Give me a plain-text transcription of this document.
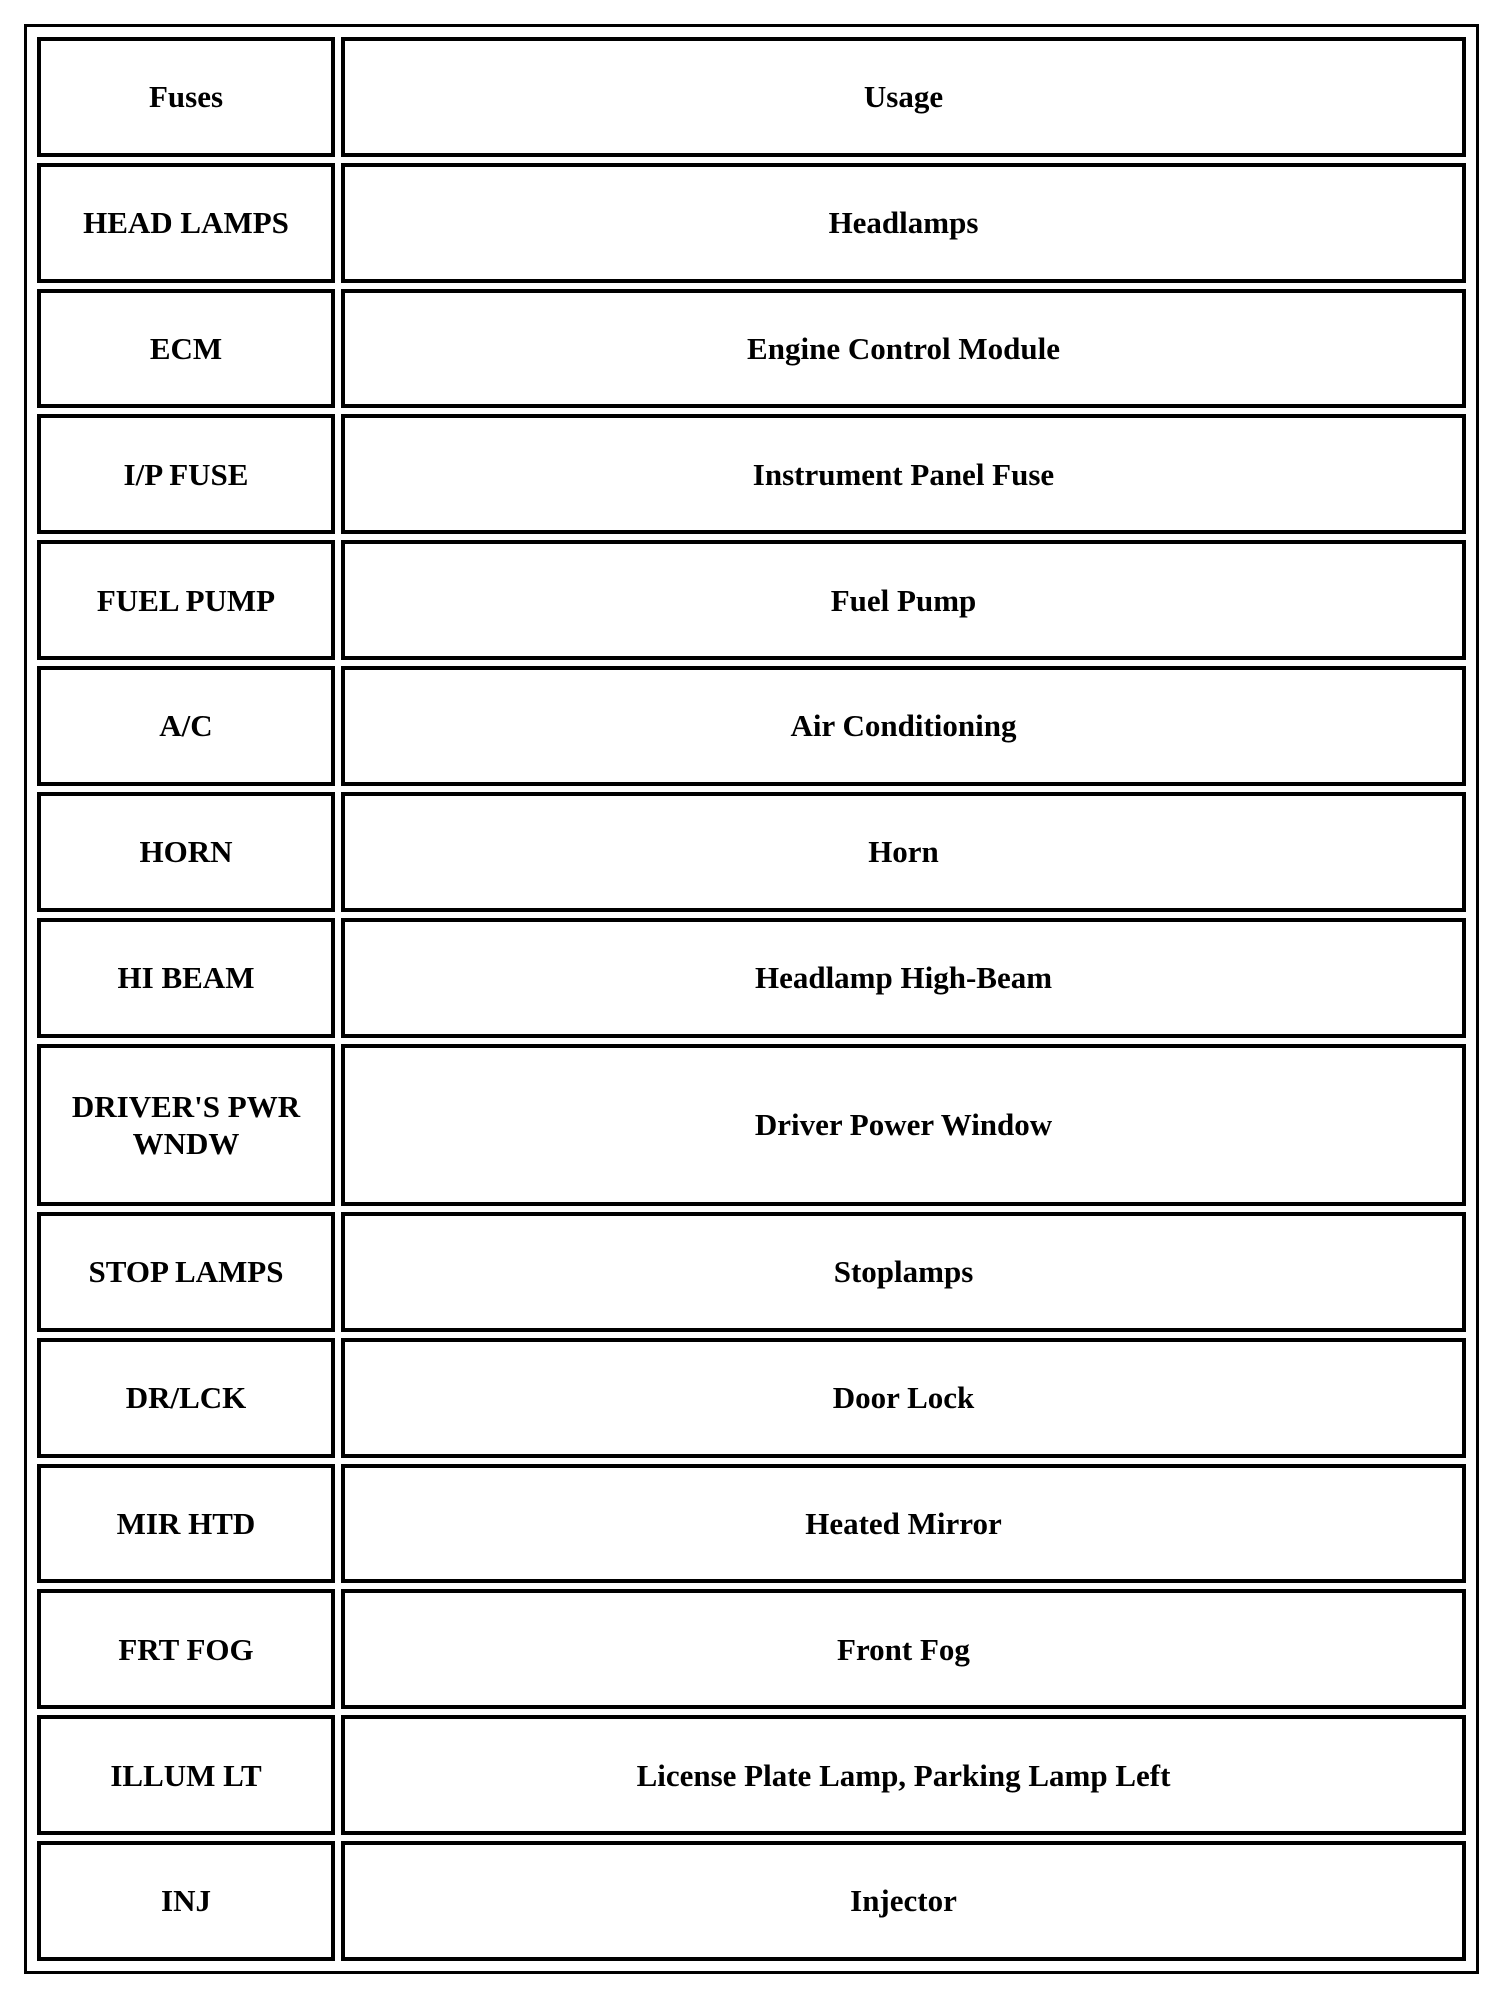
Fuses	Usage
HEAD LAMPS	Headlamps
ECM	Engine Control Module
I/P FUSE	Instrument Panel Fuse
FUEL PUMP	Fuel Pump
A/C	Air Conditioning
HORN	Horn
HI BEAM	Headlamp High-Beam
DRIVER'S PWR WNDW	Driver Power Window
STOP LAMPS	Stoplamps
DR/LCK	Door Lock
MIR HTD	Heated Mirror
FRT FOG	Front Fog
ILLUM LT	License Plate Lamp, Parking Lamp Left
INJ	Injector
